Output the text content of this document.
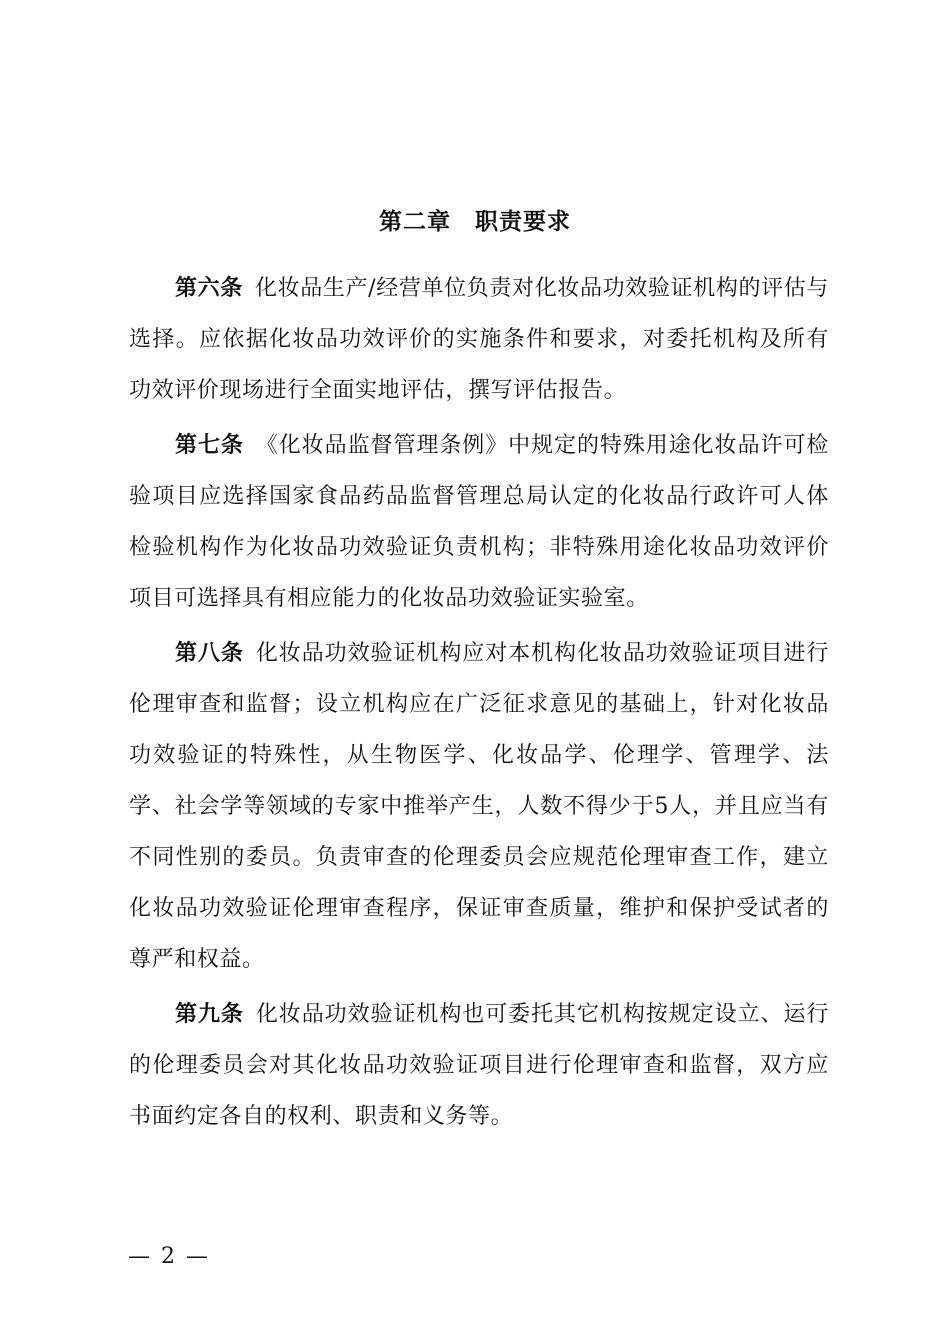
第二章　职责要求

第六条 化妆品生产/经营单位负责对化妆品功效验证机构的评估与选择。应依据化妆品功效评价的实施条件和要求，对委托机构及所有功效评价现场进行全面实地评估，撰写评估报告。

第七条 《化妆品监督管理条例》中规定的特殊用途化妆品许可检验项目应选择国家食品药品监督管理总局认定的化妆品行政许可人体检验机构作为化妆品功效验证负责机构；非特殊用途化妆品功效评价项目可选择具有相应能力的化妆品功效验证实验室。

第八条 化妆品功效验证机构应对本机构化妆品功效验证项目进行伦理审查和监督；设立机构应在广泛征求意见的基础上，针对化妆品功效验证的特殊性，从生物医学、化妆品学、伦理学、管理学、法学、社会学等领域的专家中推举产生，人数不得少于5人，并且应当有不同性别的委员。负责审查的伦理委员会应规范伦理审查工作，建立化妆品功效验证伦理审查程序，保证审查质量，维护和保护受试者的尊严和权益。

第九条 化妆品功效验证机构也可委托其它机构按规定设立、运行的伦理委员会对其化妆品功效验证项目进行伦理审查和监督，双方应书面约定各自的权利、职责和义务等。

— 2 —
